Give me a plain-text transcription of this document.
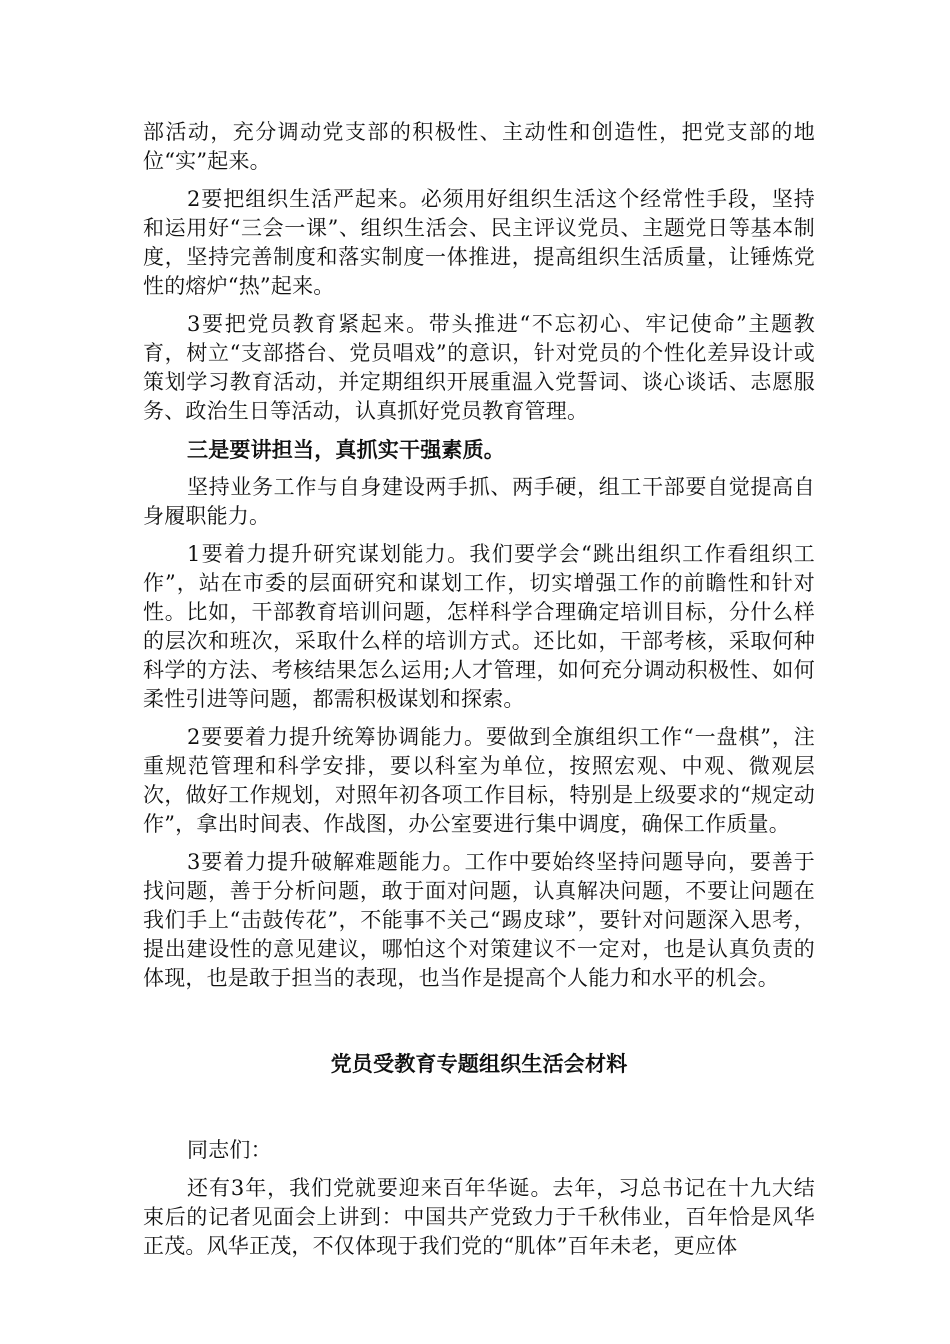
部活动，充分调动党支部的积极性、主动性和创造性，把党支部的地位“实”起来。

2要把组织生活严起来。必须用好组织生活这个经常性手段，坚持和运用好“三会一课”、组织生活会、民主评议党员、主题党日等基本制度，坚持完善制度和落实制度一体推进，提高组织生活质量，让锤炼党性的熔炉“热”起来。

3要把党员教育紧起来。带头推进“不忘初心、牢记使命”主题教育，树立“支部搭台、党员唱戏”的意识，针对党员的个性化差异设计或策划学习教育活动，并定期组织开展重温入党誓词、谈心谈话、志愿服务、政治生日等活动，认真抓好党员教育管理。

三是要讲担当，真抓实干强素质。

坚持业务工作与自身建设两手抓、两手硬，组工干部要自觉提高自身履职能力。

1要着力提升研究谋划能力。我们要学会“跳出组织工作看组织工作”，站在市委的层面研究和谋划工作，切实增强工作的前瞻性和针对性。比如，干部教育培训问题，怎样科学合理确定培训目标，分什么样的层次和班次，采取什么样的培训方式。还比如，干部考核，采取何种科学的方法、考核结果怎么运用;人才管理，如何充分调动积极性、如何柔性引进等问题，都需积极谋划和探索。

2要要着力提升统筹协调能力。要做到全旗组织工作“一盘棋”，注重规范管理和科学安排，要以科室为单位，按照宏观、中观、微观层次，做好工作规划，对照年初各项工作目标，特别是上级要求的“规定动作”，拿出时间表、作战图，办公室要进行集中调度，确保工作质量。

3要着力提升破解难题能力。工作中要始终坚持问题导向，要善于找问题，善于分析问题，敢于面对问题，认真解决问题，不要让问题在我们手上“击鼓传花”，不能事不关己“踢皮球”，要针对问题深入思考，提出建设性的意见建议，哪怕这个对策建议不一定对，也是认真负责的体现，也是敢于担当的表现，也当作是提高个人能力和水平的机会。

党员受教育专题组织生活会材料

同志们：

还有3年，我们党就要迎来百年华诞。去年，习总书记在十九大结束后的记者见面会上讲到：中国共产党致力于千秋伟业，百年恰是风华正茂。风华正茂，不仅体现于我们党的“肌体”百年未老，更应体
